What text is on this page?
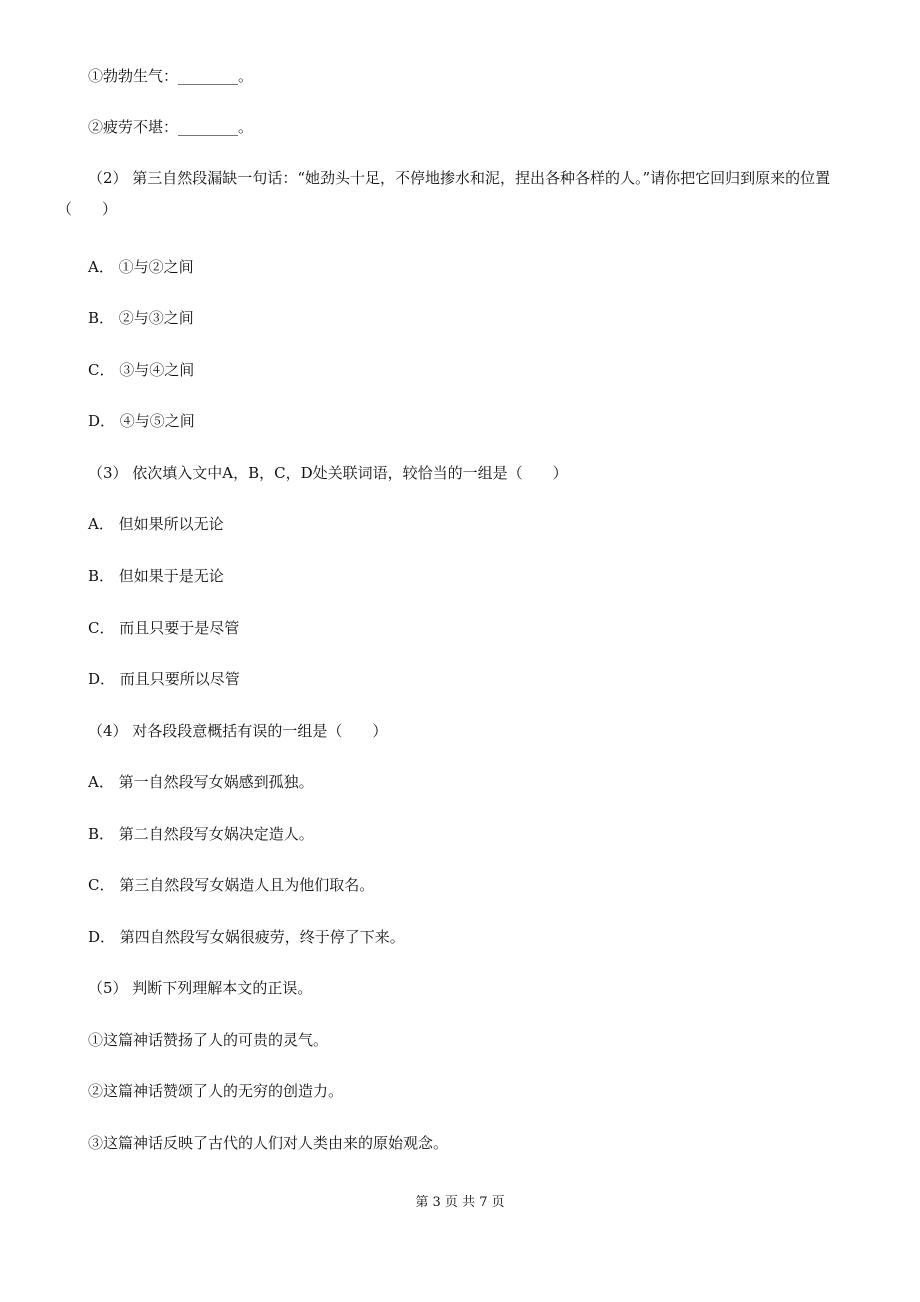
①勃勃生气：________。
②疲劳不堪：________。
（2） 第三自然段漏缺一句话：“她劲头十足，不停地掺水和泥，捏出各种各样的人。”请你把它回归到原来的位置（　　）
A． ①与②之间
B． ②与③之间
C． ③与④之间
D． ④与⑤之间
（3） 依次填入文中A，B，C，D处关联词语，较恰当的一组是（　　）
A． 但如果所以无论
B． 但如果于是无论
C． 而且只要于是尽管
D． 而且只要所以尽管
（4） 对各段段意概括有误的一组是（　　）
A． 第一自然段写女娲感到孤独。
B． 第二自然段写女娲决定造人。
C． 第三自然段写女娲造人且为他们取名。
D． 第四自然段写女娲很疲劳，终于停了下来。
（5） 判断下列理解本文的正误。
①这篇神话赞扬了人的可贵的灵气。
②这篇神话赞颂了人的无穷的创造力。
③这篇神话反映了古代的人们对人类由来的原始观念。
第 3 页 共 7 页
